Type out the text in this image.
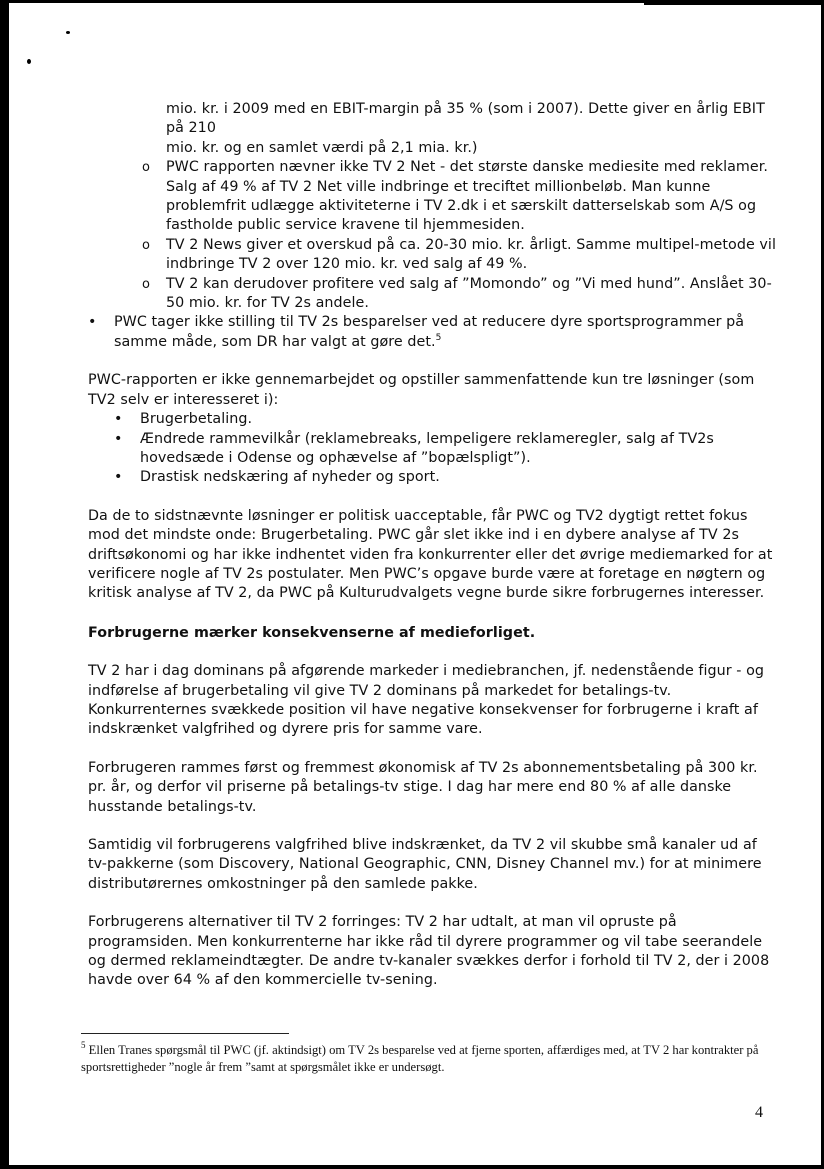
mio. kr. i 2009 med en EBIT-margin på 35 % (som i 2007). Dette giver en årlig EBIT på 210
mio. kr. og en samlet værdi på 2,1 mia. kr.)
o PWC rapporten nævner ikke TV 2 Net - det største danske mediesite med reklamer. Salg af 49 % af TV 2 Net ville indbringe et treciftet millionbeløb. Man kunne problemfrit udlægge aktiviteterne i TV 2.dk i et særskilt datterselskab som A/S og fastholde public service kravene til hjemmesiden.
o TV 2 News giver et overskud på ca. 20-30 mio. kr. årligt. Samme multipel-metode vil indbringe TV 2 over 120 mio. kr. ved salg af 49 %.
o TV 2 kan derudover profitere ved salg af ”Momondo” og ”Vi med hund”. Anslået 30-50 mio. kr. for TV 2s andele.
• PWC tager ikke stilling til TV 2s besparelser ved at reducere dyre sportsprogrammer på samme måde, som DR har valgt at gøre det.$^5$

PWC-rapporten er ikke gennemarbejdet og opstiller sammenfattende kun tre løsninger (som TV2 selv er interesseret i):

• Brugerbetaling.
• Ændrede rammevilkår (reklamebreaks, lempeligere reklameregler, salg af TV2s hovedsæde i Odense og ophævelse af ”bopælspligt”).
• Drastisk nedskæring af nyheder og sport.

Da de to sidstnævnte løsninger er politisk uacceptable, får PWC og TV2 dygtigt rettet fokus mod det mindste onde: Brugerbetaling. PWC går slet ikke ind i en dybere analyse af TV 2s driftsøkonomi og har ikke indhentet viden fra konkurrenter eller det øvrige mediemarked for at verificere nogle af TV 2s postulater. Men PWC’s opgave burde være at foretage en nøgtern og kritisk analyse af TV 2, da PWC på Kulturudvalgets vegne burde sikre forbrugernes interesser.

Forbrugerne mærker konsekvenserne af medieforliget.

TV 2 har i dag dominans på afgørende markeder i mediebranchen, jf. nedenstående figur - og indførelse af brugerbetaling vil give TV 2 dominans på markedet for betalings-tv. Konkurrenternes svækkede position vil have negative konsekvenser for forbrugerne i kraft af indskrænket valgfrihed og dyrere pris for samme vare.

Forbrugeren rammes først og fremmest økonomisk af TV 2s abonnementsbetaling på 300 kr. pr. år, og derfor vil priserne på betalings-tv stige. I dag har mere end 80 % af alle danske husstande betalings-tv.

Samtidig vil forbrugerens valgfrihed blive indskrænket, da TV 2 vil skubbe små kanaler ud af tv-pakkerne (som Discovery, National Geographic, CNN, Disney Channel mv.) for at minimere distributørernes omkostninger på den samlede pakke.

Forbrugerens alternativer til TV 2 forringes: TV 2 har udtalt, at man vil opruste på programsiden. Men konkurrenterne har ikke råd til dyrere programmer og vil tabe seerandele og dermed reklameindtægter. De andre tv-kanaler svækkes derfor i forhold til TV 2, der i 2008 havde over 64 % af den kommercielle tv-sening.

$^5$ Ellen Tranes spørgsmål til PWC (jf. aktindsigt) om TV 2s besparelse ved at fjerne sporten, affærdiges med, at TV 2 har kontrakter på sportsrettigheder ”nogle år frem ”samt at spørgsmålet ikke er undersøgt.
4
